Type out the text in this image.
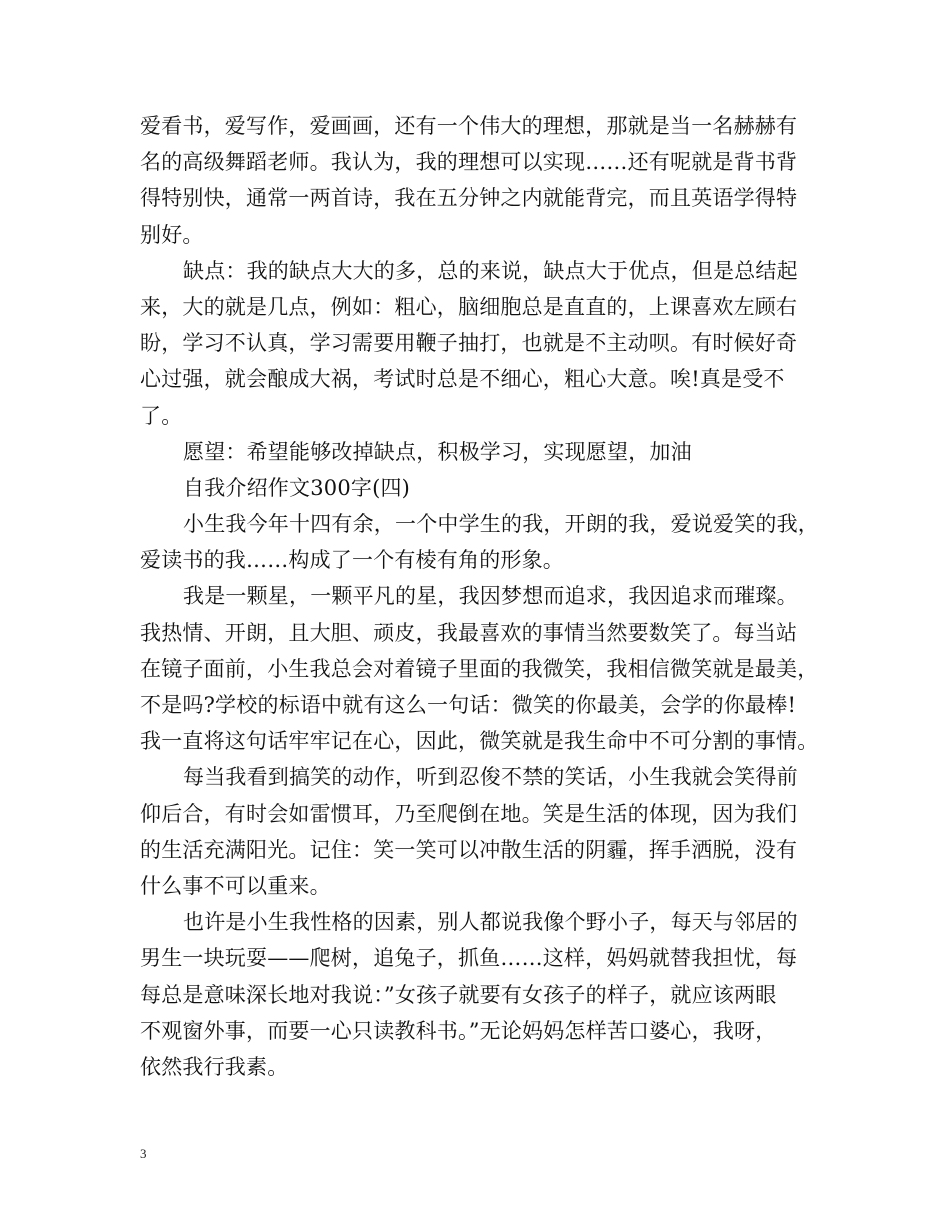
爱看书，爱写作，爱画画，还有一个伟大的理想，那就是当一名赫赫有
名的高级舞蹈老师。我认为，我的理想可以实现……还有呢就是背书背
得特别快，通常一两首诗，我在五分钟之内就能背完，而且英语学得特
别好。
缺点：我的缺点大大的多，总的来说，缺点大于优点，但是总结起
来，大的就是几点，例如：粗心，脑细胞总是直直的，上课喜欢左顾右
盼，学习不认真，学习需要用鞭子抽打，也就是不主动呗。有时候好奇
心过强，就会酿成大祸，考试时总是不细心，粗心大意。唉!真是受不
了。
愿望：希望能够改掉缺点，积极学习，实现愿望，加油
自我介绍作文300字(四)
小生我今年十四有余，一个中学生的我，开朗的我，爱说爱笑的我，
爱读书的我……构成了一个有棱有角的形象。
我是一颗星，一颗平凡的星，我因梦想而追求，我因追求而璀璨。
我热情、开朗，且大胆、顽皮，我最喜欢的事情当然要数笑了。每当站
在镜子面前，小生我总会对着镜子里面的我微笑，我相信微笑就是最美，
不是吗?学校的标语中就有这么一句话：微笑的你最美，会学的你最棒!
我一直将这句话牢牢记在心，因此，微笑就是我生命中不可分割的事情。
每当我看到搞笑的动作，听到忍俊不禁的笑话，小生我就会笑得前
仰后合，有时会如雷惯耳，乃至爬倒在地。笑是生活的体现，因为我们
的生活充满阳光。记住：笑一笑可以冲散生活的阴霾，挥手洒脱，没有
什么事不可以重来。
也许是小生我性格的因素，别人都说我像个野小子，每天与邻居的
男生一块玩耍——爬树，追兔子，抓鱼……这样，妈妈就替我担忧，每
每总是意味深长地对我说：”女孩子就要有女孩子的样子，就应该两眼
不观窗外事，而要一心只读教科书。”无论妈妈怎样苦口婆心，我呀，
依然我行我素。
3
